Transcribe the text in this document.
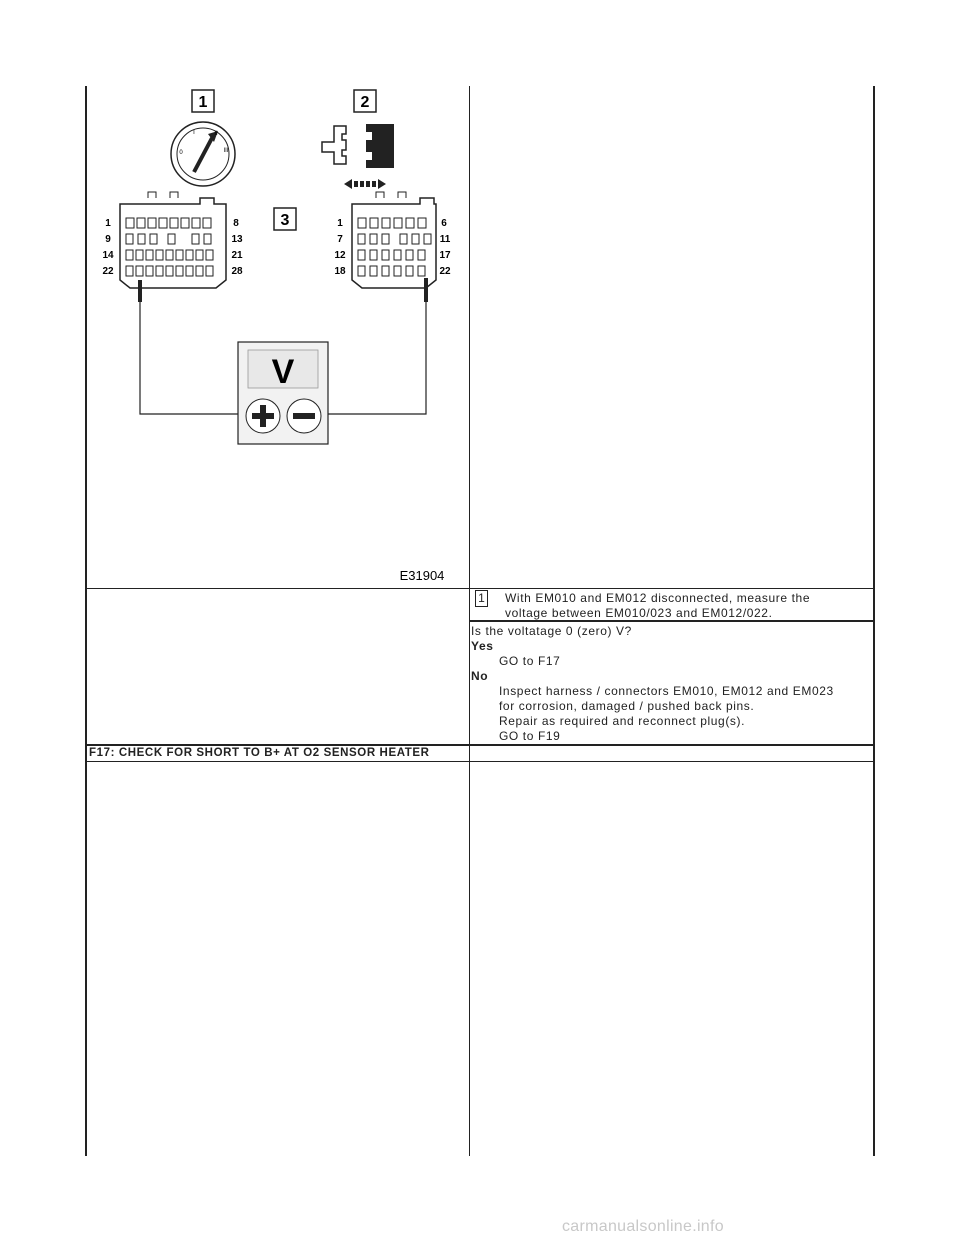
1	2
3
0
I	II
III
1	8
9	13
14	21
22	28
1	6
7	11
12	17
18	22
V
E31904
1 With EM010 and EM012 disconnected, measure the
voltage between EM010/023 and EM012/022.
Is the voltatage 0 (zero) V?
Yes
GO to F17
No
Inspect harness / connectors EM010, EM012 and EM023
for corrosion, damaged / pushed back pins.
Repair as required and reconnect plug(s).
GO to F19
F17: CHECK FOR SHORT TO B+ AT O2 SENSOR HEATER
carmanualsonline.info
